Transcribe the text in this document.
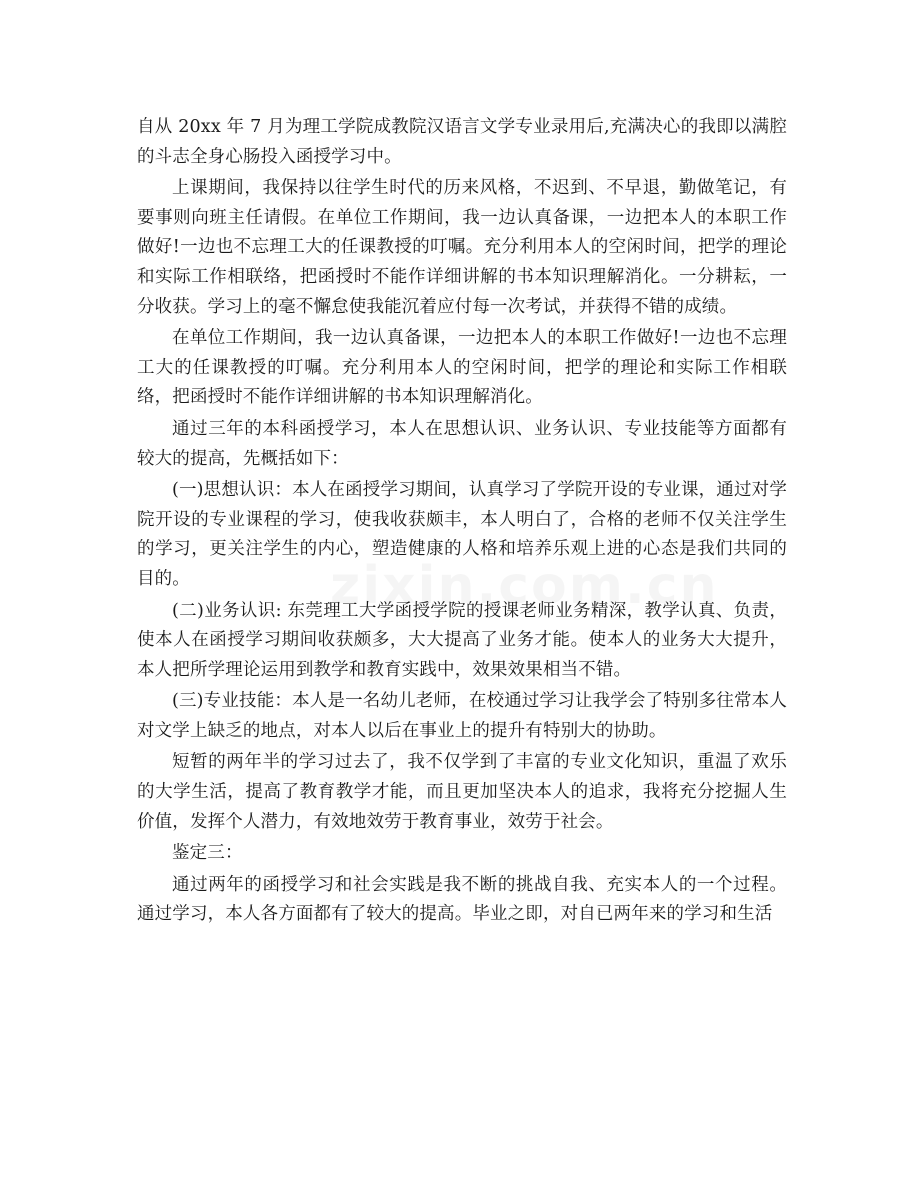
自从 20xx 年 7 月为理工学院成教院汉语言文学专业录用后,充满决心的我即以满腔的斗志全身心肠投入函授学习中。

上课期间，我保持以往学生时代的历来风格，不迟到、不早退，勤做笔记，有要事则向班主任请假。在单位工作期间，我一边认真备课，一边把本人的本职工作做好!一边也不忘理工大的任课教授的叮嘱。充分利用本人的空闲时间，把学的理论和实际工作相联络，把函授时不能作详细讲解的书本知识理解消化。一分耕耘，一分收获。学习上的毫不懈怠使我能沉着应付每一次考试，并获得不错的成绩。

在单位工作期间，我一边认真备课，一边把本人的本职工作做好!一边也不忘理工大的任课教授的叮嘱。充分利用本人的空闲时间，把学的理论和实际工作相联络，把函授时不能作详细讲解的书本知识理解消化。

通过三年的本科函授学习，本人在思想认识、业务认识、专业技能等方面都有较大的提高，先概括如下：

(一)思想认识：本人在函授学习期间，认真学习了学院开设的专业课，通过对学院开设的专业课程的学习，使我收获颇丰，本人明白了，合格的老师不仅关注学生的学习，更关注学生的内心，塑造健康的人格和培养乐观上进的心态是我们共同的目的。

(二)业务认识: 东莞理工大学函授学院的授课老师业务精深，教学认真、负责，使本人在函授学习期间收获颇多，大大提高了业务才能。使本人的业务大大提升，本人把所学理论运用到教学和教育实践中，效果效果相当不错。

(三)专业技能：本人是一名幼儿老师，在校通过学习让我学会了特别多往常本人对文学上缺乏的地点，对本人以后在事业上的提升有特别大的协助。

短暂的两年半的学习过去了，我不仅学到了丰富的专业文化知识，重温了欢乐的大学生活，提高了教育教学才能，而且更加坚决本人的追求，我将充分挖掘人生价值，发挥个人潜力，有效地效劳于教育事业，效劳于社会。

鉴定三：

通过两年的函授学习和社会实践是我不断的挑战自我、充实本人的一个过程。通过学习，本人各方面都有了较大的提高。毕业之即，对自已两年来的学习和生活
